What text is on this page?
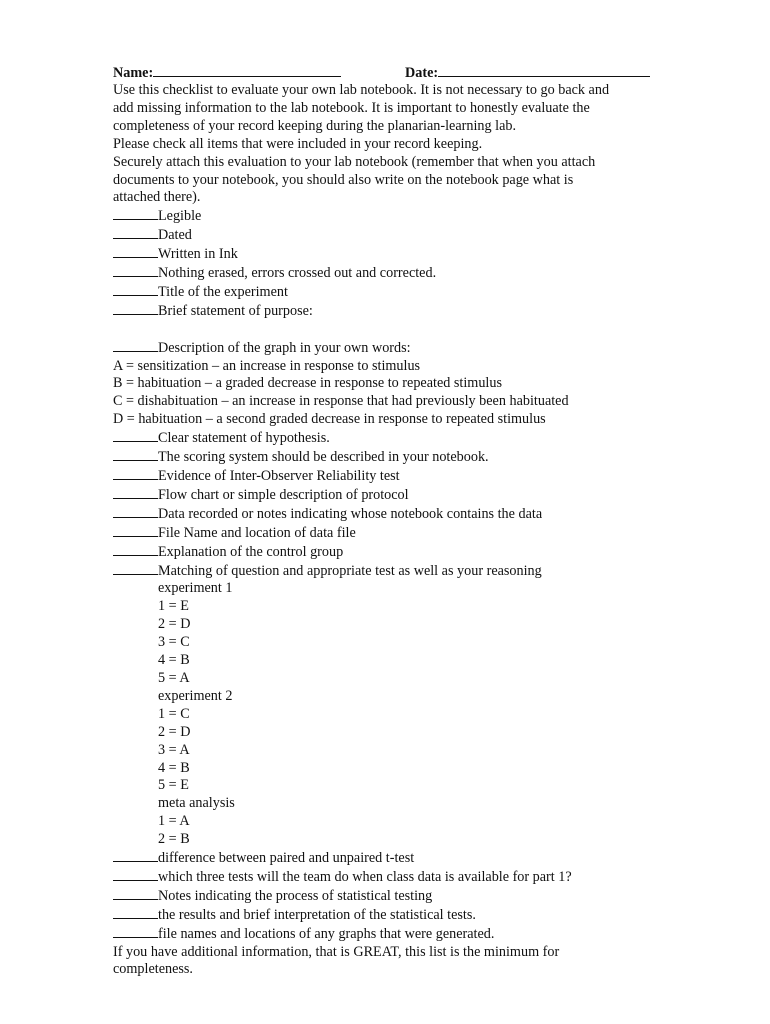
Name:	Date:
Use this checklist to evaluate your own lab notebook. It is not necessary to go back and
add missing information to the lab notebook. It is important to honestly evaluate the
completeness of your record keeping during the planarian-learning lab.
Please check all items that were included in your record keeping.
Securely attach this evaluation to your lab notebook (remember that when you attach
documents to your notebook, you should also write on the notebook page what is
attached there).
Legible
Dated
Written in Ink
Nothing erased, errors crossed out and corrected.
Title of the experiment
Brief statement of purpose:
Description of the graph in your own words:
A = sensitization – an increase in response to stimulus
B = habituation – a graded decrease in response to repeated stimulus
C = dishabituation – an increase in response that had previously been habituated
D = habituation – a second graded decrease in response to repeated stimulus
Clear statement of hypothesis.
The scoring system should be described in your notebook.
Evidence of Inter-Observer Reliability test
Flow chart or simple description of protocol
Data recorded or notes indicating whose notebook contains the data
File Name and location of data file
Explanation of the control group
Matching of question and appropriate test as well as your reasoning
experiment 1
1 = E
2 = D
3 = C
4 = B
5 = A
experiment 2
1 = C
2 = D
3 = A
4 = B
5 = E
meta analysis
1 = A
2 = B
difference between paired and unpaired t-test
which three tests will the team do when class data is available for part 1?
Notes indicating the process of statistical testing
the results and brief interpretation of the statistical tests.
file names and locations of any graphs that were generated.
If you have additional information, that is GREAT, this list is the minimum for
completeness.
